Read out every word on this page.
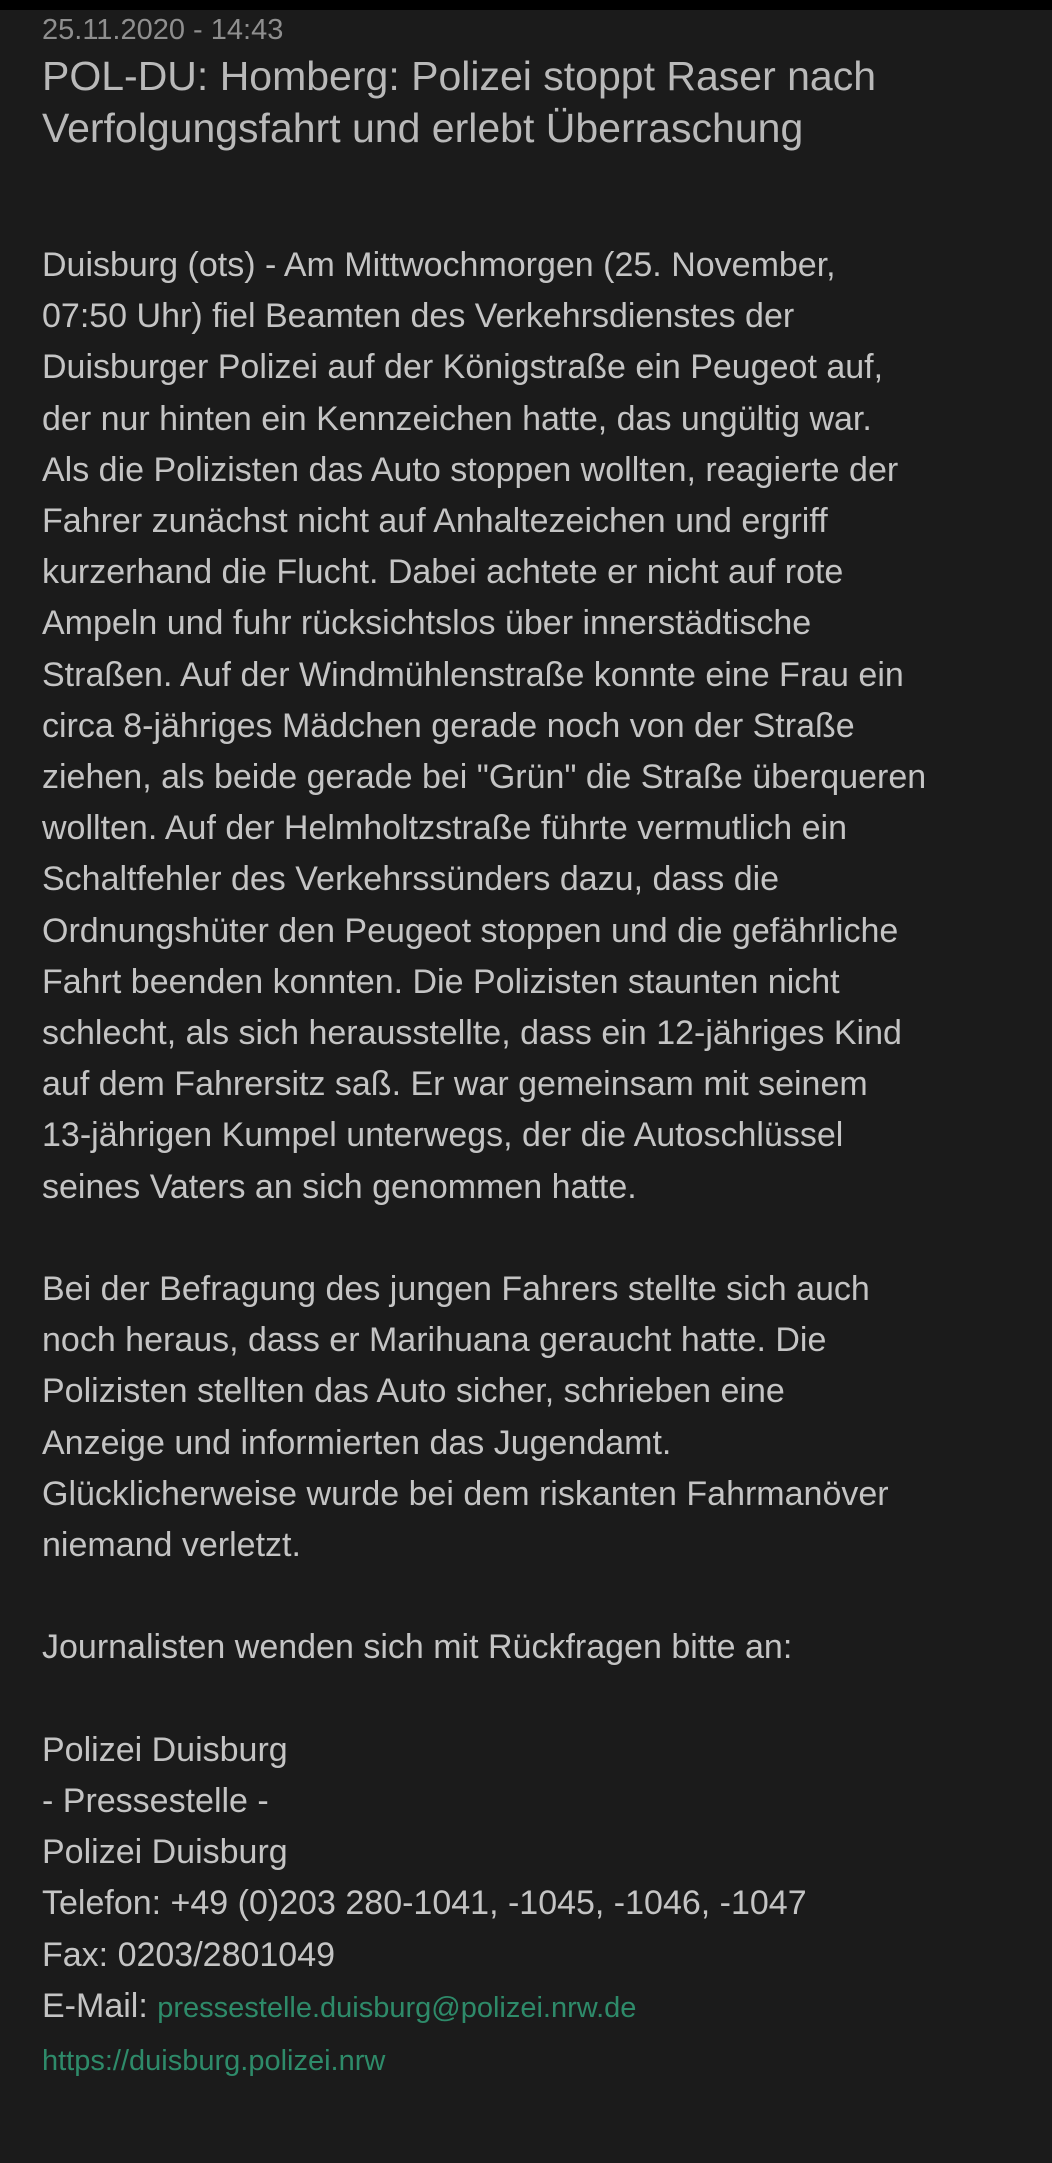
25.11.2020 - 14:43

POL-DU: Homberg: Polizei stoppt Raser nach
Verfolgungsfahrt und erlebt Überraschung

Duisburg (ots) - Am Mittwochmorgen (25. November,
07:50 Uhr) fiel Beamten des Verkehrsdienstes der
Duisburger Polizei auf der Königstraße ein Peugeot auf,
der nur hinten ein Kennzeichen hatte, das ungültig war.
Als die Polizisten das Auto stoppen wollten, reagierte der
Fahrer zunächst nicht auf Anhaltezeichen und ergriff
kurzerhand die Flucht. Dabei achtete er nicht auf rote
Ampeln und fuhr rücksichtslos über innerstädtische
Straßen. Auf der Windmühlenstraße konnte eine Frau ein
circa 8-jähriges Mädchen gerade noch von der Straße
ziehen, als beide gerade bei "Grün" die Straße überqueren
wollten. Auf der Helmholtzstraße führte vermutlich ein
Schaltfehler des Verkehrssünders dazu, dass die
Ordnungshüter den Peugeot stoppen und die gefährliche
Fahrt beenden konnten. Die Polizisten staunten nicht
schlecht, als sich herausstellte, dass ein 12-jähriges Kind
auf dem Fahrersitz saß. Er war gemeinsam mit seinem
13-jährigen Kumpel unterwegs, der die Autoschlüssel
seines Vaters an sich genommen hatte.

Bei der Befragung des jungen Fahrers stellte sich auch
noch heraus, dass er Marihuana geraucht hatte. Die
Polizisten stellten das Auto sicher, schrieben eine
Anzeige und informierten das Jugendamt.
Glücklicherweise wurde bei dem riskanten Fahrmanöver
niemand verletzt.

Journalisten wenden sich mit Rückfragen bitte an:

Polizei Duisburg

- Pressestelle -

Polizei Duisburg

Telefon: +49 (0)203 280-1041, -1045, -1046, -1047

Fax: 0203/2801049

E-Mail: pressestelle.duisburg@polizei.nrw.de

https://duisburg.polizei.nrw
